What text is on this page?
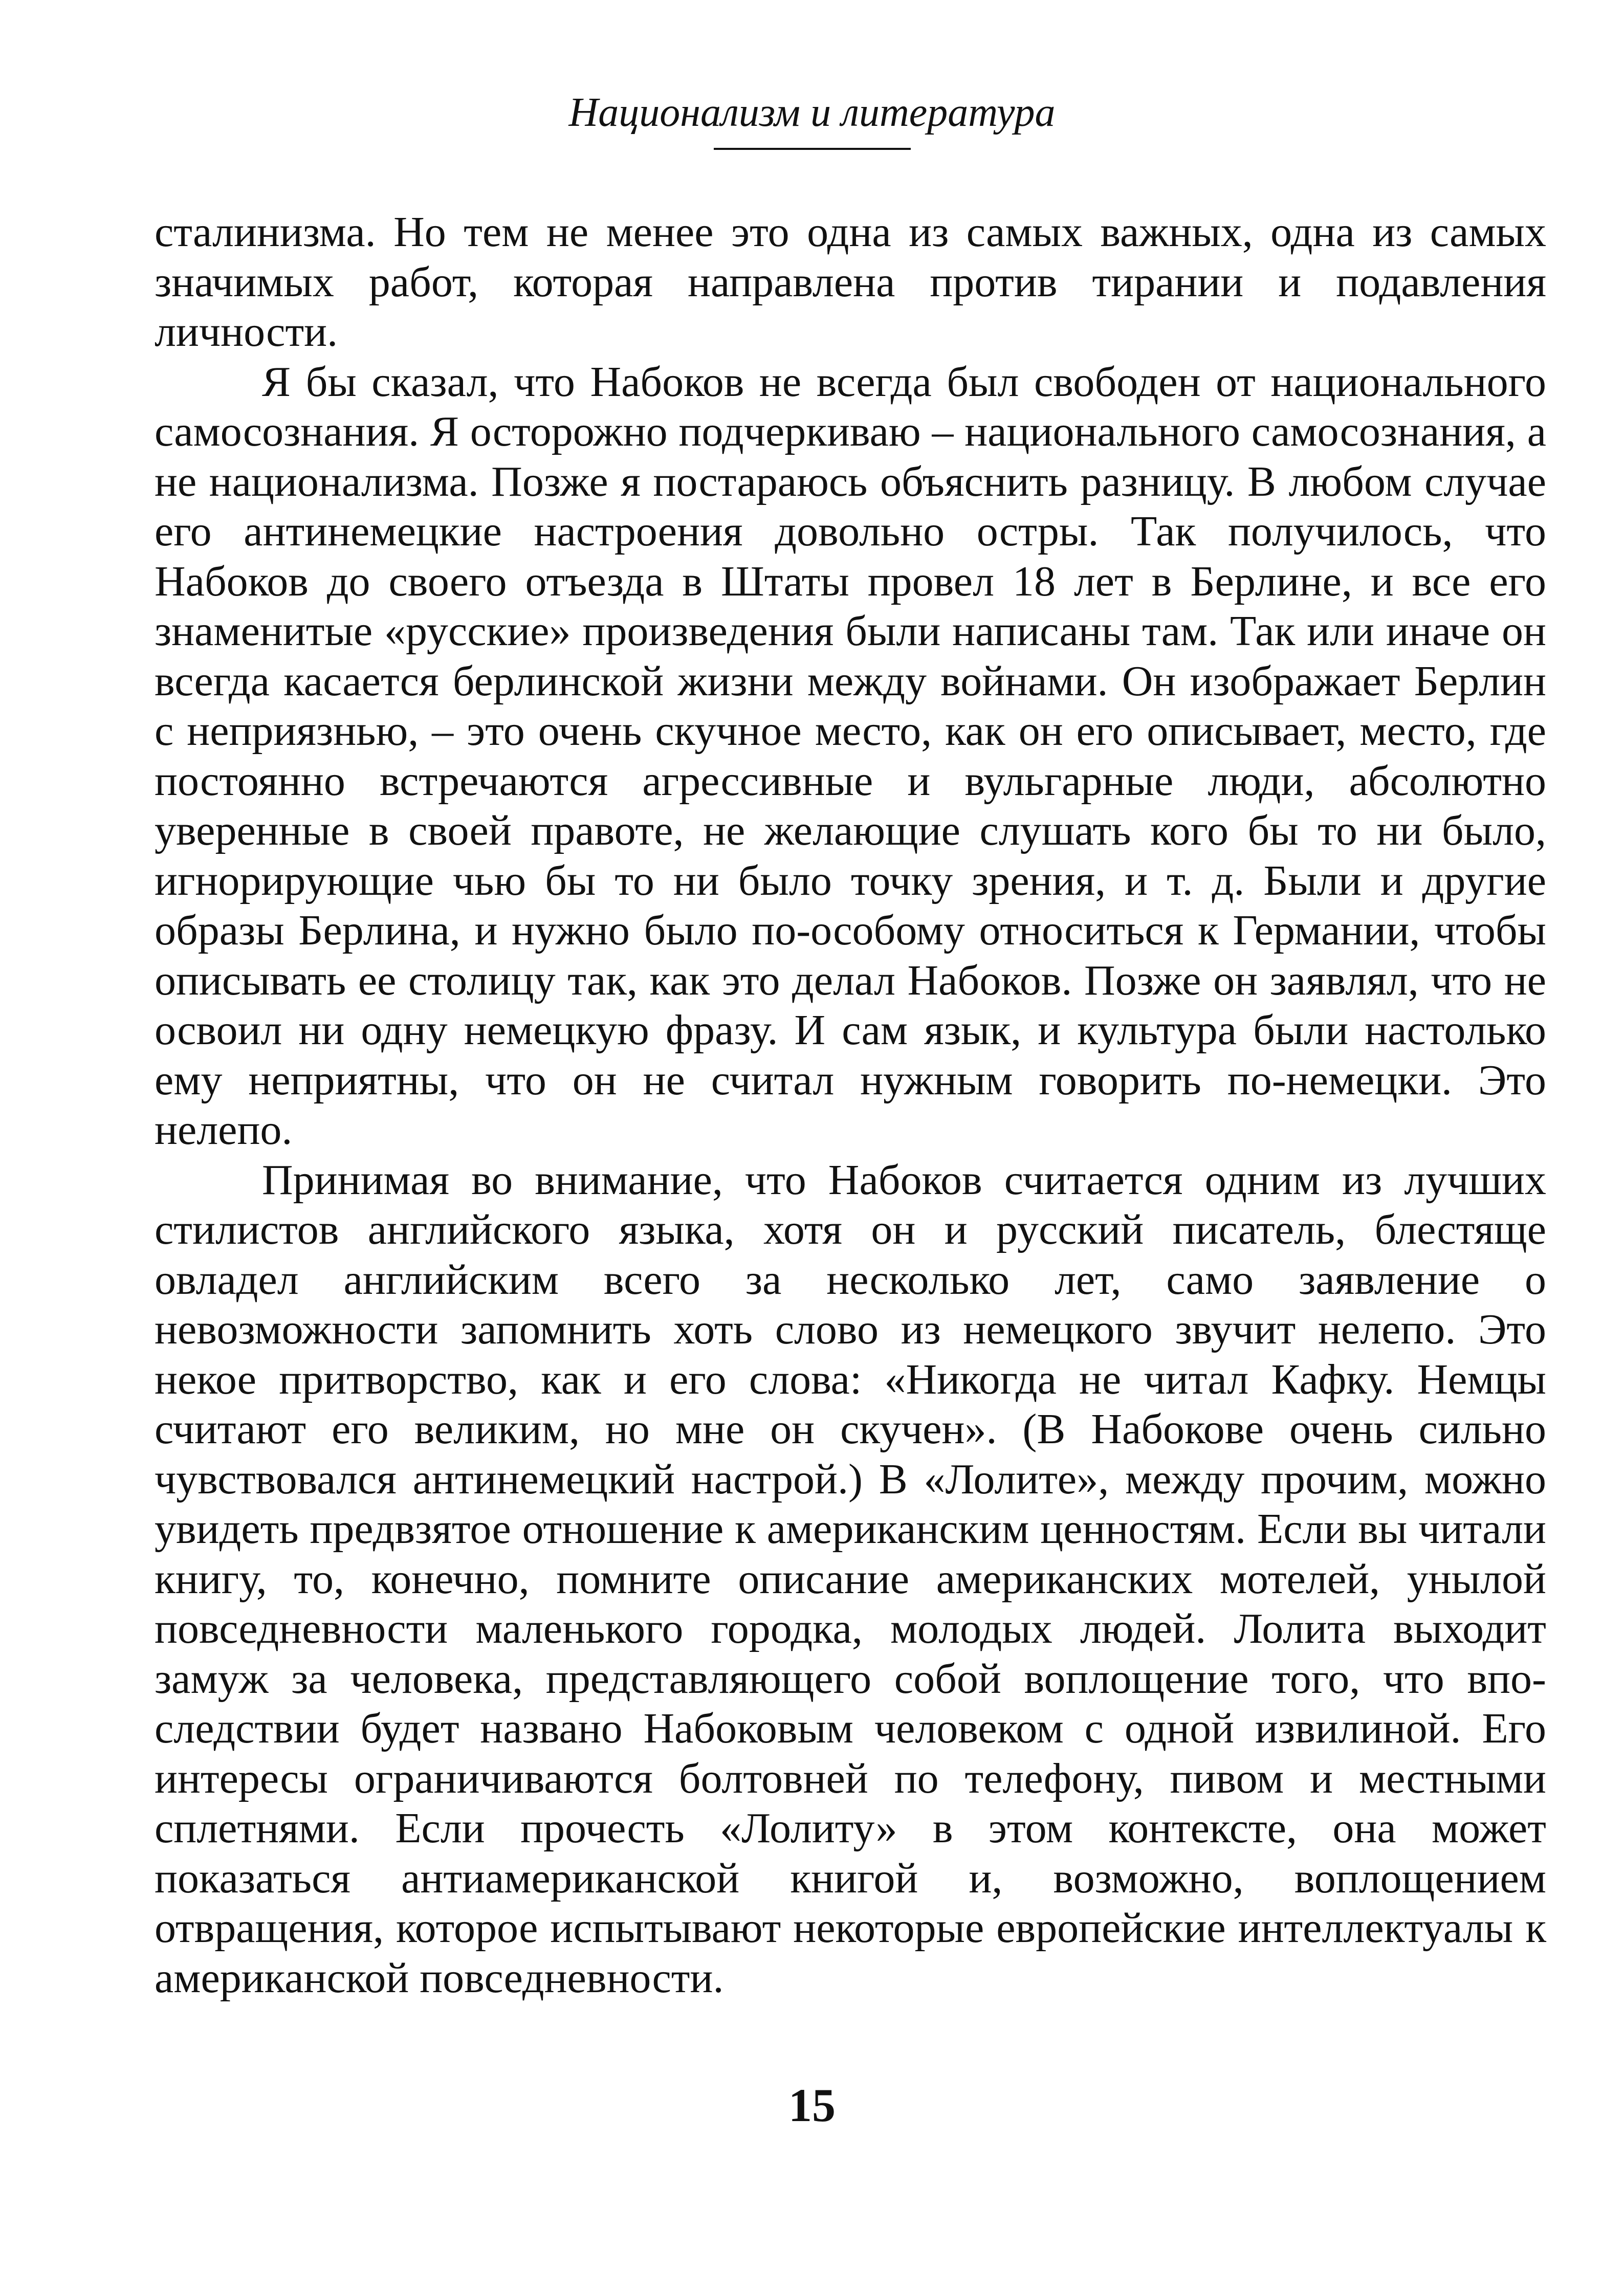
Национализм и литература

сталинизма. Но тем не менее это одна из самых важных, одна из самых значимых работ, которая направлена против тирании и подавления личности.

Я бы сказал, что Набоков не всегда был свободен от национального самосознания. Я осторожно подчеркиваю – национального самосознания, а не национализма. Позже я постараюсь объяснить разницу. В любом случае его антинемецкие настроения довольно остры. Так получилось, что Набоков до своего отъезда в Штаты провел 18 лет в Берлине, и все его знаменитые «русские» произведения были написаны там. Так или иначе он всегда касается берлинской жизни между войнами. Он изображает Берлин с неприязнью, – это очень скучное место, как он его описывает, место, где постоянно встречаются агрессивные и вульгарные люди, абсолютно уверенные в своей правоте, не желающие слушать кого бы то ни было, игнорирующие чью бы то ни было точку зрения, и т. д. Были и другие образы Берлина, и нужно было по-особому относиться к Германии, чтобы описывать ее столицу так, как это делал Набоков. Позже он заявлял, что не освоил ни одну немецкую фразу. И сам язык, и культура были настолько ему неприятны, что он не считал нужным говорить по-немецки. Это нелепо.

Принимая во внимание, что Набоков считается одним из лучших стилистов английского языка, хотя он и русский писатель, блестяще овладел английским всего за несколько лет, само заявление о невозможности запомнить хоть слово из немецкого звучит нелепо. Это некое притворство, как и его слова: «Никогда не читал Кафку. Немцы считают его великим, но мне он скучен». (В Набокове очень сильно чувствовался антинемецкий настрой.) В «Лолите», между прочим, можно увидеть предвзятое отношение к американским ценностям. Если вы читали книгу, то, конечно, помните описание американских мотелей, унылой повседневности маленького городка, молодых людей. Лолита выходит замуж за человека, представляющего собой воплощение того, что впоследствии будет названо Набоковым человеком с одной извилиной. Его интересы ограничиваются болтовней по телефону, пивом и местными сплетнями. Если прочесть «Лолиту» в этом контексте, она может показаться антиамериканской книгой и, возможно, воплощением отвращения, которое испытывают некоторые европейские интеллектуалы к американской повседневности.

15
